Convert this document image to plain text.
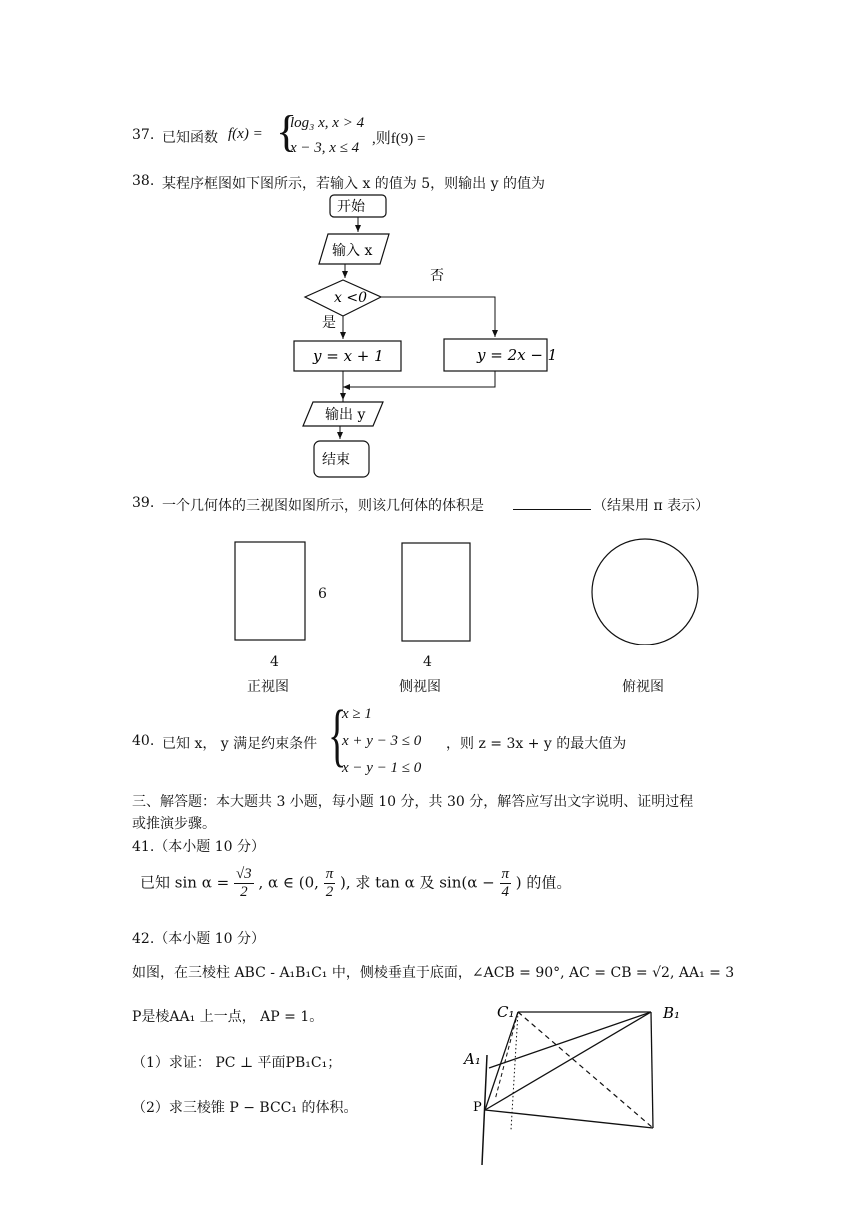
37. 已知函数 f(x) = {
log₃ x, x > 4
x − 3, x ≤ 4
,则f(9) =
38. 某程序框图如下图所示，若输入 x 的值为 5，则输出 y 的值为
开始
输入 x
x <0
否
是
y = x + 1	y = 2x − 1
输出 y
结束
39. 一个几何体的三视图如图所示，则该几何体的体积是	（结果用 π 表示）
6
4	4
正视图	侧视图	俯视图
40. 已知 x， y 满足约束条件 {
x ≥ 1
x + y − 3 ≤ 0
x − y − 1 ≤ 0
，则 z = 3x + y 的最大值为
三、解答题：本大题共 3 小题，每小题 10 分，共 30 分，解答应写出文字说明、证明过程
或推演步骤。
41.（本小题 10 分）
已知 $\sin \alpha = \frac{√3}{2}$ , α ∈ (0, $\frac{\pi}{2}$ ), 求 tan α 及 $\sin(\alpha - \frac{\pi}{4}$ ) 的值。
42.（本小题 10 分）
如图，在三棱柱 ABC - A₁B₁C₁ 中，侧棱垂直于底面，∠ACB = 90°, AC = CB = √2, AA₁ = 3
P是棱AA₁ 上一点， AP = 1。
（1）求证： PC ⊥ 平面PB₁C₁；
（2）求三棱锥 P − BCC₁ 的体积。
C₁	B₁
A₁
P
